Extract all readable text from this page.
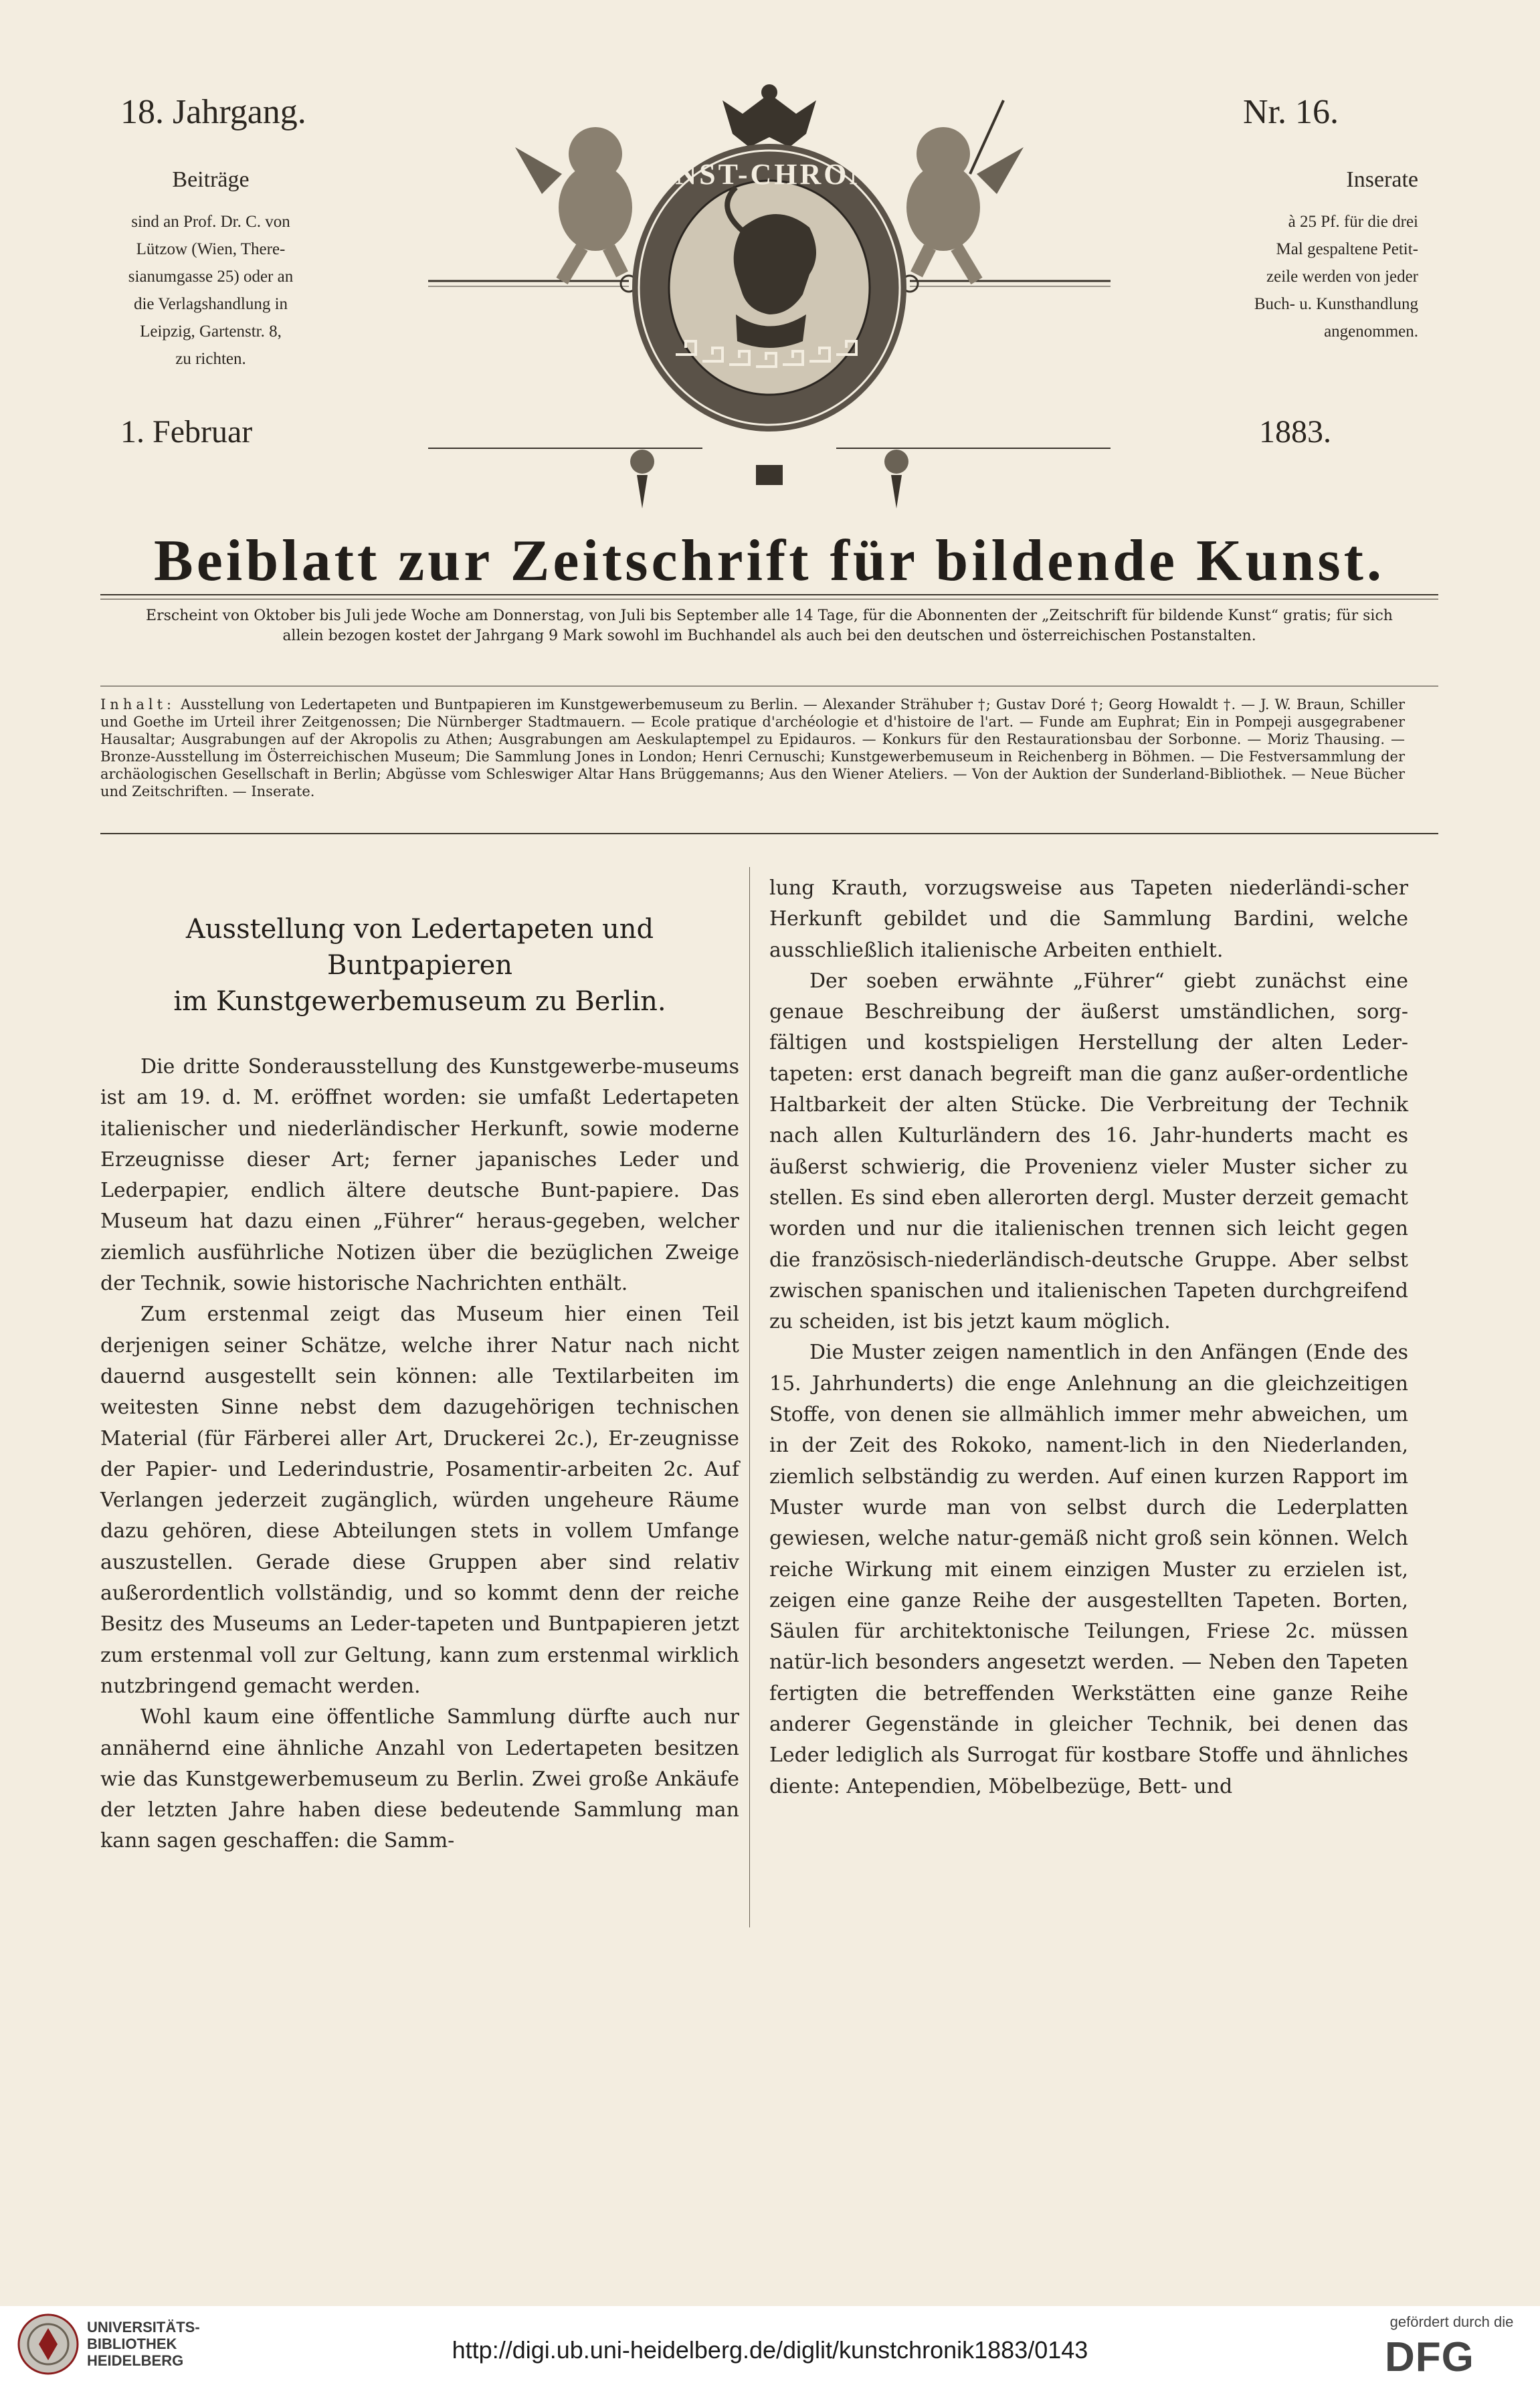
18. Jahrgang.	Nr. 16.
Beiträge
sind an Prof. Dr. C. von
Lützow (Wien, There-
sianumgasse 25) oder an
die Verlagshandlung in
Leipzig, Gartenstr. 8,
zu richten.
Inserate
à 25 Pf. für die drei
Mal gespaltene Petit-
zeile werden von jeder
Buch- u. Kunsthandlung
angenommen.
KUNST-CHRONIK
1. Februar	1883.
Beiblatt zur Zeitschrift für bildende Kunst.
Erscheint von Oktober bis Juli jede Woche am Donnerstag, von Juli bis September alle 14 Tage, für die Abonnenten der „Zeitschrift für bildende Kunst“ gratis; für sich allein bezogen kostet der Jahrgang 9 Mark sowohl im Buchhandel als auch bei den deutschen und österreichischen Postanstalten.
Inhalt: Ausstellung von Ledertapeten und Buntpapieren im Kunstgewerbemuseum zu Berlin. — Alexander Strähuber †; Gustav Doré †; Georg Howaldt †. — J. W. Braun, Schiller und Goethe im Urteil ihrer Zeitgenossen; Die Nürnberger Stadtmauern. — Ecole pratique d'archéologie et d'histoire de l'art. — Funde am Euphrat; Ein in Pompeji ausgegrabener Hausaltar; Ausgrabungen auf der Akropolis zu Athen; Ausgrabungen am Aeskulaptempel zu Epidauros. — Konkurs für den Restaurationsbau der Sorbonne. — Moriz Thausing. — Bronze-Ausstellung im Österreichischen Museum; Die Sammlung Jones in London; Henri Cernuschi; Kunstgewerbemuseum in Reichenberg in Böhmen. — Die Festversammlung der archäologischen Gesellschaft in Berlin; Abgüsse vom Schleswiger Altar Hans Brüggemanns; Aus den Wiener Ateliers. — Von der Auktion der Sunderland-Bibliothek. — Neue Bücher und Zeitschriften. — Inserate.
Ausstellung von Ledertapeten und Buntpapieren
im Kunstgewerbemuseum zu Berlin.

Die dritte Sonderausstellung des Kunstgewerbe-museums ist am 19. d. M. eröffnet worden: sie umfaßt Ledertapeten italienischer und niederländischer Herkunft, sowie moderne Erzeugnisse dieser Art; ferner japanisches Leder und Lederpapier, endlich ältere deutsche Bunt-papiere. Das Museum hat dazu einen „Führer“ heraus-gegeben, welcher ziemlich ausführliche Notizen über die bezüglichen Zweige der Technik, sowie historische Nachrichten enthält.

Zum erstenmal zeigt das Museum hier einen Teil derjenigen seiner Schätze, welche ihrer Natur nach nicht dauernd ausgestellt sein können: alle Textilarbeiten im weitesten Sinne nebst dem dazugehörigen technischen Material (für Färberei aller Art, Druckerei 2c.), Er-zeugnisse der Papier- und Lederindustrie, Posamentir-arbeiten 2c. Auf Verlangen jederzeit zugänglich, würden ungeheure Räume dazu gehören, diese Abteilungen stets in vollem Umfange auszustellen. Gerade diese Gruppen aber sind relativ außerordentlich vollständig, und so kommt denn der reiche Besitz des Museums an Leder-tapeten und Buntpapieren jetzt zum erstenmal voll zur Geltung, kann zum erstenmal wirklich nutzbringend gemacht werden.

Wohl kaum eine öffentliche Sammlung dürfte auch nur annähernd eine ähnliche Anzahl von Ledertapeten besitzen wie das Kunstgewerbemuseum zu Berlin. Zwei große Ankäufe der letzten Jahre haben diese bedeutende Sammlung man kann sagen geschaffen: die Samm-

lung Krauth, vorzugsweise aus Tapeten niederländi-scher Herkunft gebildet und die Sammlung Bardini, welche ausschließlich italienische Arbeiten enthielt.

Der soeben erwähnte „Führer“ giebt zunächst eine genaue Beschreibung der äußerst umständlichen, sorg-fältigen und kostspieligen Herstellung der alten Leder-tapeten: erst danach begreift man die ganz außer-ordentliche Haltbarkeit der alten Stücke. Die Verbreitung der Technik nach allen Kulturländern des 16. Jahr-hunderts macht es äußerst schwierig, die Provenienz vieler Muster sicher zu stellen. Es sind eben allerorten dergl. Muster derzeit gemacht worden und nur die italienischen trennen sich leicht gegen die französisch-niederländisch-deutsche Gruppe. Aber selbst zwischen spanischen und italienischen Tapeten durchgreifend zu scheiden, ist bis jetzt kaum möglich.

Die Muster zeigen namentlich in den Anfängen (Ende des 15. Jahrhunderts) die enge Anlehnung an die gleichzeitigen Stoffe, von denen sie allmählich immer mehr abweichen, um in der Zeit des Rokoko, nament-lich in den Niederlanden, ziemlich selbständig zu werden. Auf einen kurzen Rapport im Muster wurde man von selbst durch die Lederplatten gewiesen, welche natur-gemäß nicht groß sein können. Welch reiche Wirkung mit einem einzigen Muster zu erzielen ist, zeigen eine ganze Reihe der ausgestellten Tapeten. Borten, Säulen für architektonische Teilungen, Friese 2c. müssen natür-lich besonders angesetzt werden. — Neben den Tapeten fertigten die betreffenden Werkstätten eine ganze Reihe anderer Gegenstände in gleicher Technik, bei denen das Leder lediglich als Surrogat für kostbare Stoffe und ähnliches diente: Antependien, Möbelbezüge, Bett- und

UNIVERSITÄTS-
BIBLIOTHEK
HEIDELBERG	http://digi.ub.uni-heidelberg.de/diglit/kunstchronik1883/0143
gefördert durch die
DFG
